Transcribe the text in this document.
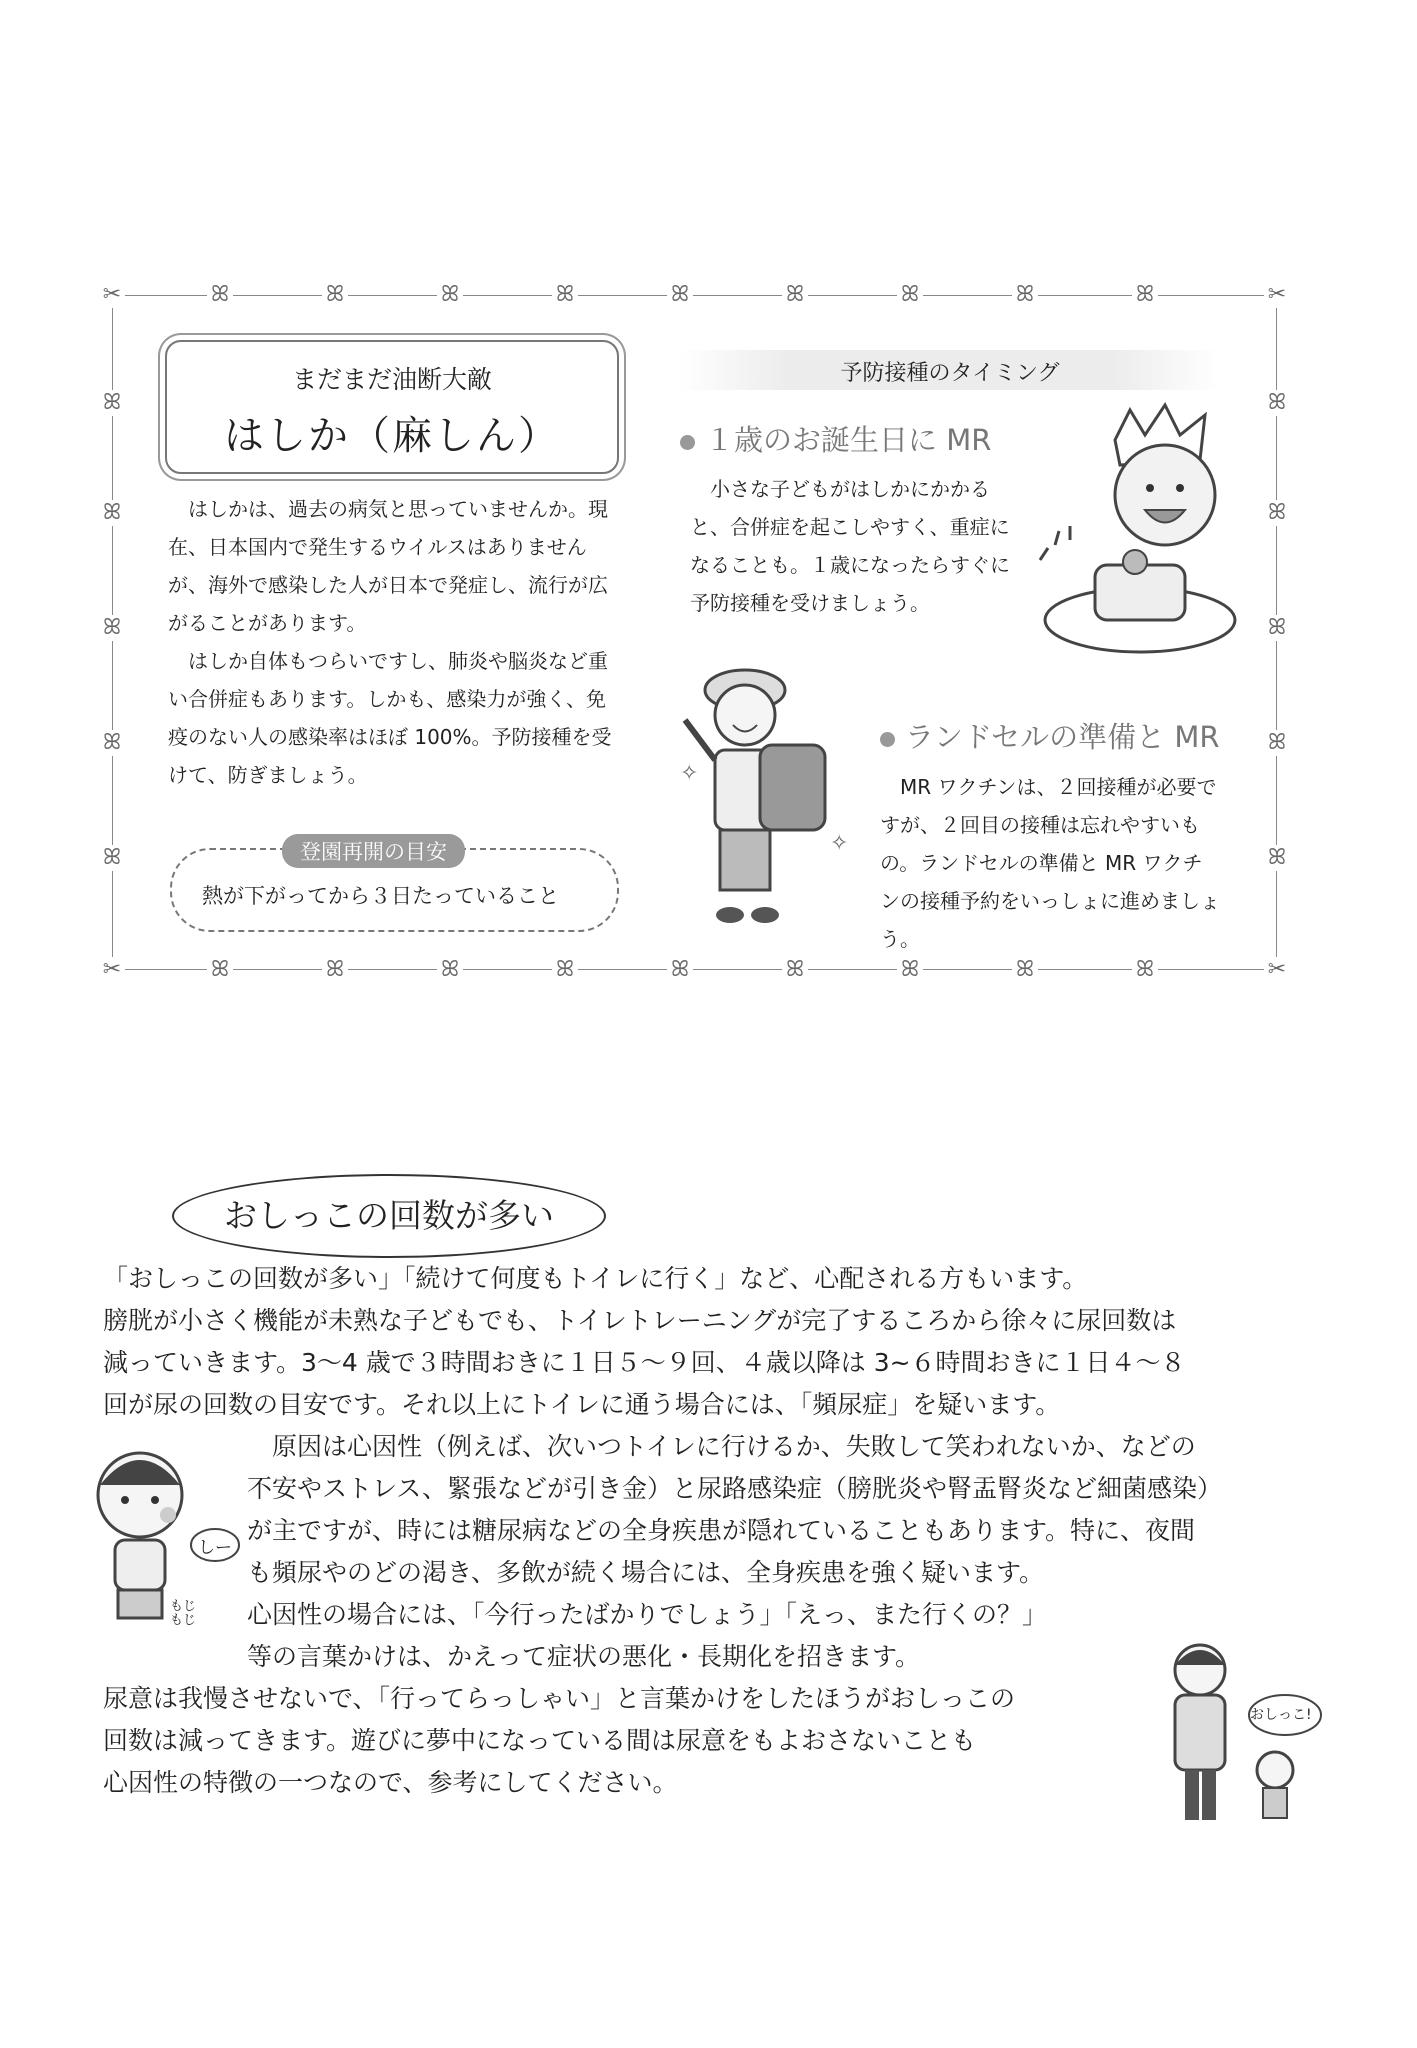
✂	ꕤ	ꕤ	ꕤ	ꕤ	ꕤ	ꕤ	ꕤ	ꕤ	ꕤ	✂
✂	ꕤ	ꕤ	ꕤ	ꕤ	ꕤ	ꕤ	ꕤ	ꕤ	ꕤ	✂
ꕤ
ꕤ
ꕤ
ꕤ
ꕤ
ꕤ
ꕤ
ꕤ
ꕤ
ꕤ
まだまだ油断大敵
はしか（麻しん）

はしかは、過去の病気と思っていませんか。現在、日本国内で発生するウイルスはありませんが、海外で感染した人が日本で発症し、流行が広がることがあります。

はしか自体もつらいですし、肺炎や脳炎など重い合併症もあります。しかも、感染力が強く、免疫のない人の感染率はほぼ 100%。予防接種を受けて、防ぎましょう。

登園再開の目安
熱が下がってから３日たっていること
予防接種のタイミング
１歳のお誕生日に MR

小さな子どもがはしかにかかると、合併症を起こしやすく、重症になることも。１歳になったらすぐに予防接種を受けましょう。

ランドセルの準備と MR

MR ワクチンは、２回接種が必要ですが、２回目の接種は忘れやすいもの。ランドセルの準備と MR ワクチンの接種予約をいっしょに進めましょう。

✧
✧
おしっこの回数が多い

「おしっこの回数が多い」「続けて何度もトイレに行く」など、心配される方もいます。

膀胱が小さく機能が未熟な子どもでも、トイレトレーニングが完了するころから徐々に尿回数は

減っていきます。3〜4 歳で３時間おきに１日５〜９回、４歳以降は 3~６時間おきに１日４〜８

回が尿の回数の目安です。それ以上にトイレに通う場合には、「頻尿症」を疑います。

原因は心因性（例えば、次いつトイレに行けるか、失敗して笑われないか、などの

不安やストレス、緊張などが引き金）と尿路感染症（膀胱炎や腎盂腎炎など細菌感染）

が主ですが、時には糖尿病などの全身疾患が隠れていることもあります。特に、夜間

も頻尿やのどの渇き、多飲が続く場合には、全身疾患を強く疑います。

心因性の場合には、「今行ったばかりでしょう」「えっ、また行くの？」

等の言葉かけは、かえって症状の悪化・長期化を招きます。

尿意は我慢させないで、「行ってらっしゃい」と言葉かけをしたほうがおしっこの

回数は減ってきます。遊びに夢中になっている間は尿意をもよおさないことも

心因性の特徴の一つなので、参考にしてください。

しー
もじもじ
おしっこ!
